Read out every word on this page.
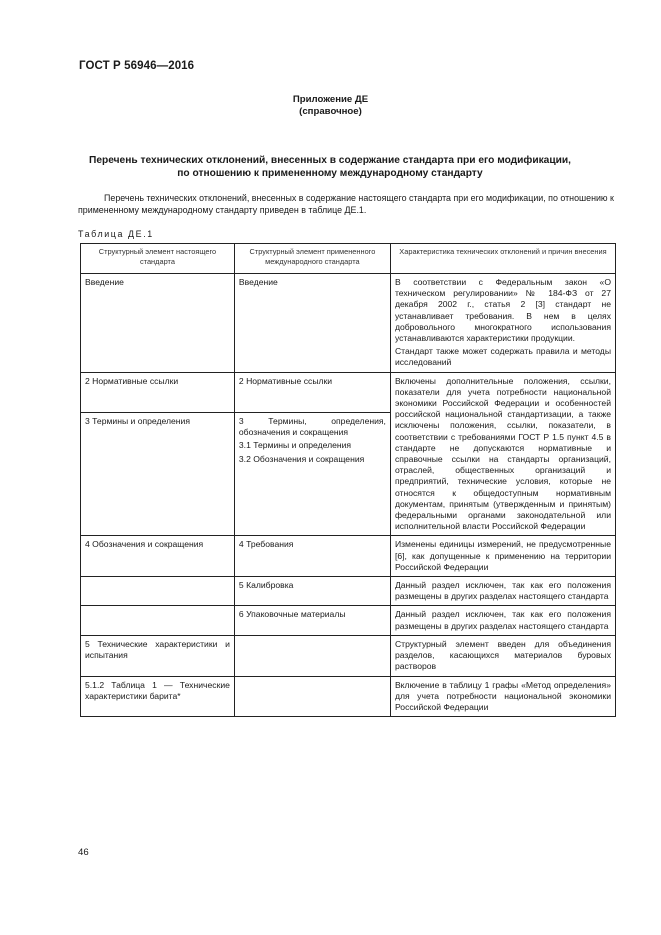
ГОСТ Р 56946—2016
Приложение ДЕ
(справочное)
Перечень технических отклонений, внесенных в содержание стандарта при его модификации,
по отношению к примененному международному стандарту
Перечень технических отклонений, внесенных в содержание настоящего стандарта при его модификации, по отношению к примененному международному стандарту приведен в таблице ДЕ.1.
Таблица ДЕ.1
Структурный элемент настоящего стандарта	Структурный элемент примененного международного стандарта	Характеристика технических отклонений и причин внесения
Введение	Введение	В соответствии с Федеральным закон «О техническом регулировании» № 184-ФЗ от 27 декабря 2002 г., статья 2 [3] стандарт не устанавливает требования. В нем в целях добровольного многократного использования устанавливаются характеристики продукции.
Стандарт также может содержать правила и методы исследований

2 Нормативные ссылки	2 Нормативные ссылки	Включены дополнительные положения, ссылки, показатели для учета потребности национальной экономики Российской Федерации и особенностей российской национальной стандартизации, а также исключены положения, ссылки, показатели, в соответствии с требованиями ГОСТ Р 1.5 пункт 4.5 в стандарте не допускаются нормативные и справочные ссылки на стандарты организаций, отраслей, общественных организаций и предприятий, технические условия, которые не относятся к общедоступным нормативным документам, принятым (утвержденным и принятым) федеральными органами законодательной или исполнительной власти Российской Федерации
3 Термины и определения	3 Термины, определения, обозначения и сокращения
3.1 Термины и определения
3.2 Обозначения и сокращения	

4 Обозначения и сокращения	4 Требования	Изменены единицы измерений, не предусмотренные [6], как допущенные к применению на территории Российской Федерации
	5 Калибровка	Данный раздел исключен, так как его положения размещены в других разделах настоящего стандарта
	6 Упаковочные материалы	Данный раздел исключен, так как его положения размещены в других разделах настоящего стандарта
5 Технические характеристики и испытания		Структурный элемент введен для объединения разделов, касающихся материалов буровых растворов
5.1.2 Таблица 1 — Технические характеристики барита*		Включение в таблицу 1 графы «Метод определения» для учета потребности национальной экономики Российской Федерации
46
